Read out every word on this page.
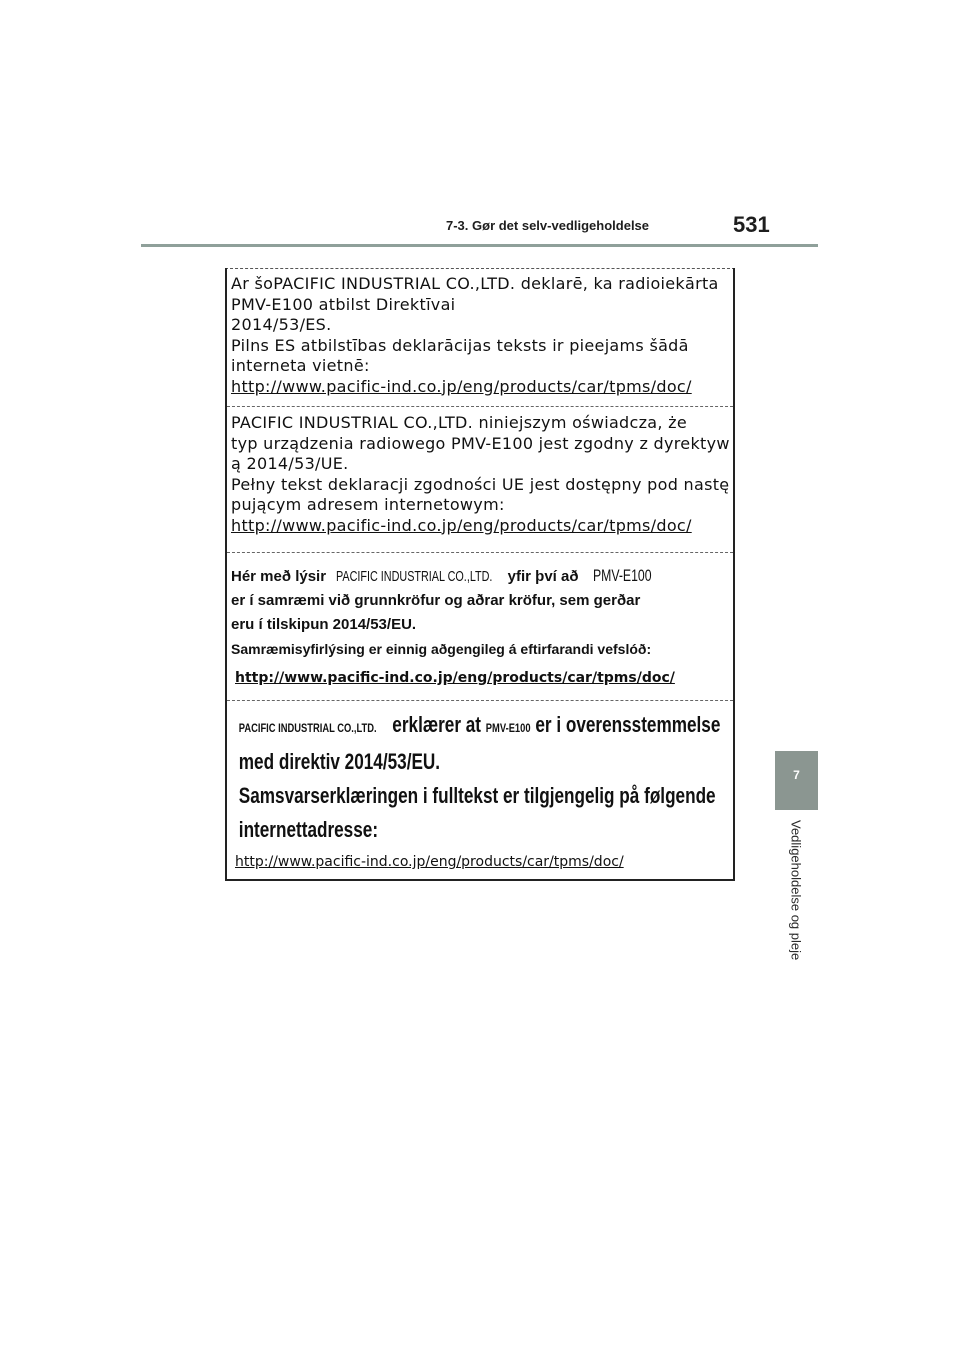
7-3. Gør det selv-vedligeholdelse	531
7
Vedligeholdelse og pleje
Ar šoPACIFIC INDUSTRIAL CO.,LTD. deklarē, ka radioiekārta
PMV-E100 atbilst Direktīvai
2014/53/ES.
Pilns ES atbilstības deklarācijas teksts ir pieejams šādā
interneta vietnē:
http://www.pacific-ind.co.jp/eng/products/car/tpms/doc/
PACIFIC INDUSTRIAL CO.,LTD. niniejszym oświadcza, że
typ urządzenia radiowego PMV-E100 jest zgodny z dyrektyw
ą 2014/53/UE.
Pełny tekst deklaracji zgodności UE jest dostępny pod nastę
pującym adresem internetowym:
http://www.pacific-ind.co.jp/eng/products/car/tpms/doc/
Hér með lýsir PACIFIC INDUSTRIAL CO.,LTD. yfir því að PMV-E100
er í samræmi við grunnkröfur og aðrar kröfur, sem gerðar
eru í tilskipun 2014/53/EU.
Samræmisyfirlýsing er einnig aðgengileg á eftirfarandi vefslóð:
http://www.pacific-ind.co.jp/eng/products/car/tpms/doc/
PACIFIC INDUSTRIAL CO.,LTD. erklærer at PMV-E100 er i overensstemmelse
med direktiv 2014/53/EU.
Samsvarserklæringen i fulltekst er tilgjengelig på følgende
internettadresse:
http://www.pacific-ind.co.jp/eng/products/car/tpms/doc/
